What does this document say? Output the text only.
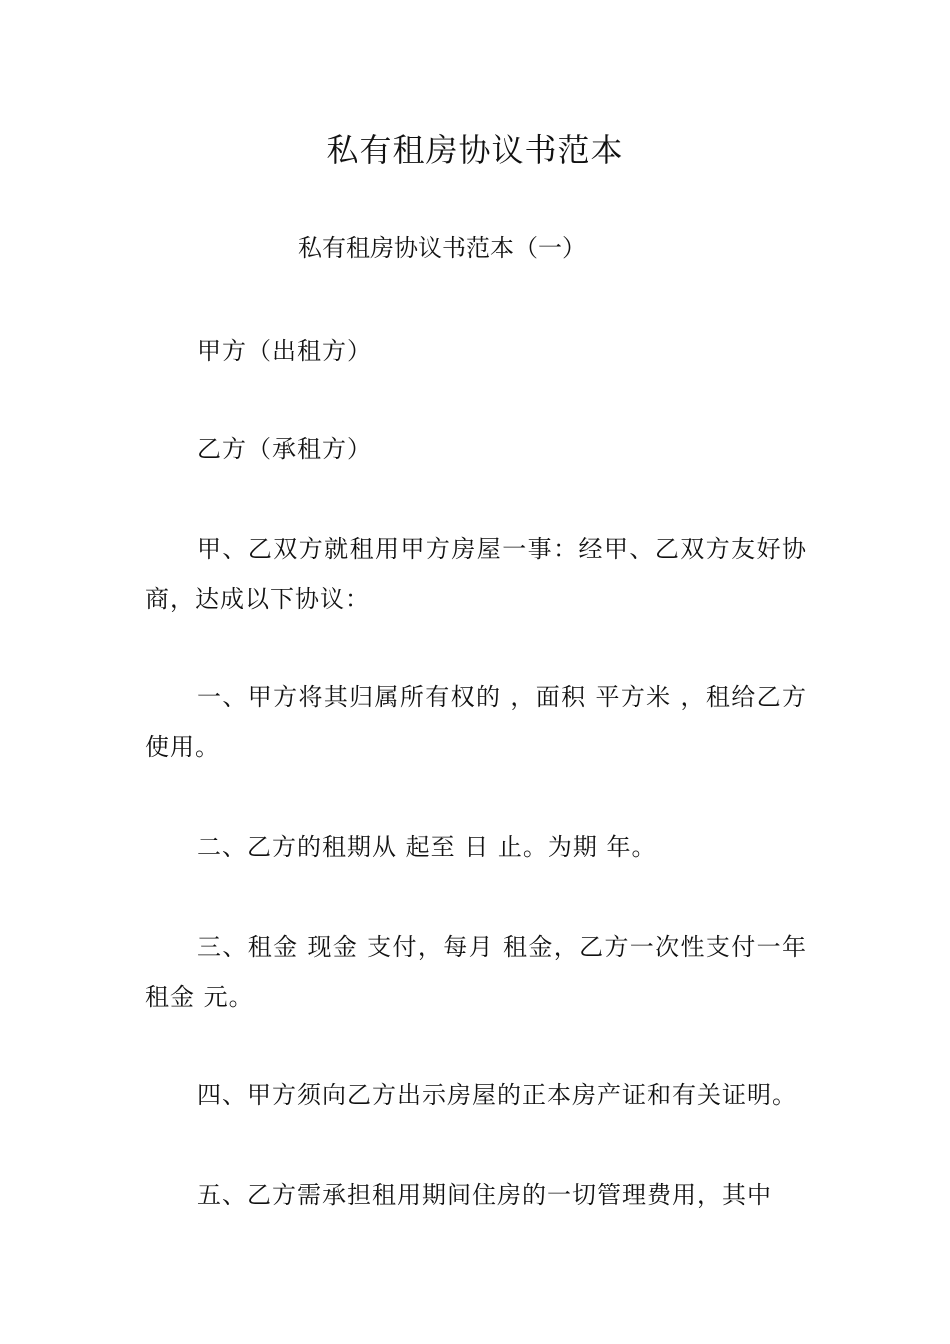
私有租房协议书范本
私有租房协议书范本（一）

甲方（出租方）

乙方（承租方）

甲、乙双方就租用甲方房屋一事：经甲、乙双方友好协商，达成以下协议：

一、甲方将其归属所有权的 ，面积 平方米 ，租给乙方使用。

二、乙方的租期从 起至 日 止。为期 年。

三、租金 现金 支付，每月 租金，乙方一次性支付一年租金 元。

四、甲方须向乙方出示房屋的正本房产证和有关证明。

五、乙方需承担租用期间住房的一切管理费用，其中
